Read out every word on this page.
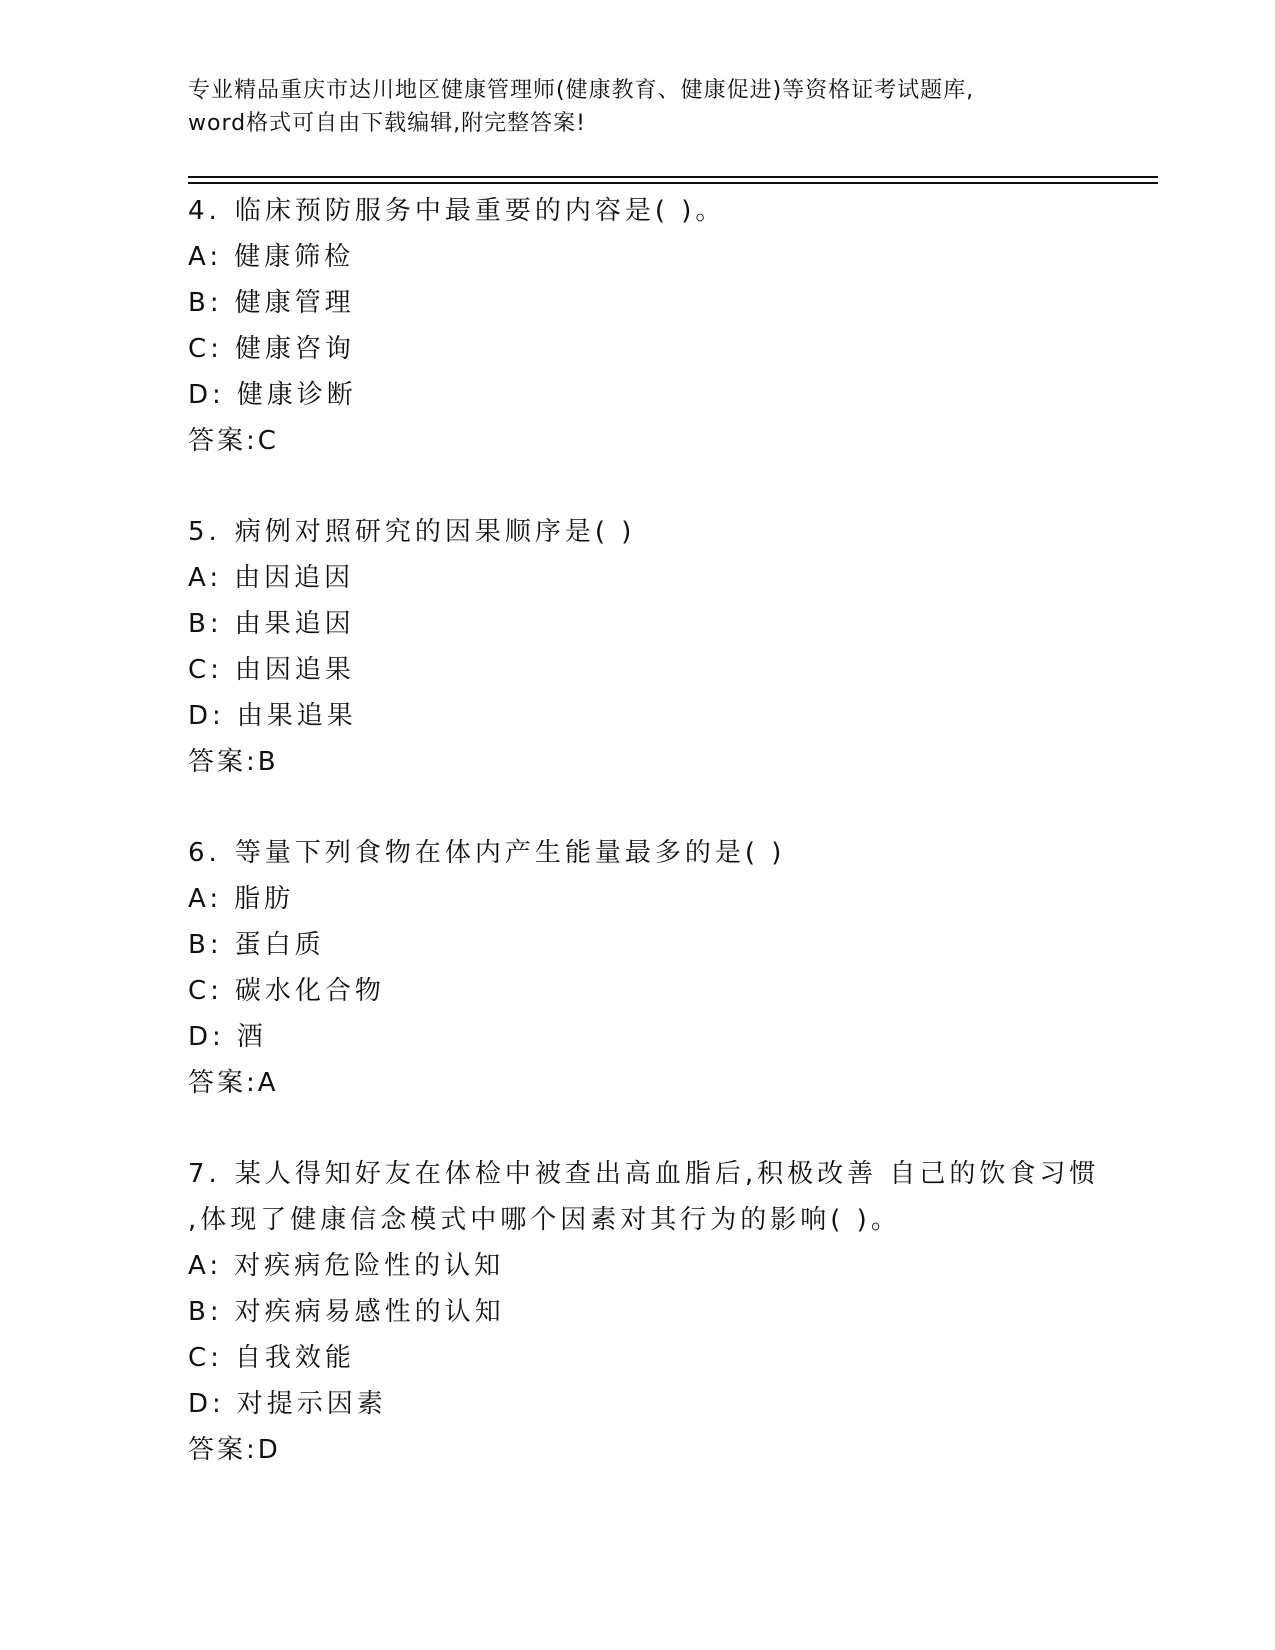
专业精品重庆市达川地区健康管理师(健康教育、健康促进)等资格证考试题库,
word格式可自由下载编辑,附完整答案!
4. 临床预防服务中最重要的内容是( )。
A: 健康筛检
B: 健康管理
C: 健康咨询
D: 健康诊断
答案:C
5. 病例对照研究的因果顺序是( )
A: 由因追因
B: 由果追因
C: 由因追果
D: 由果追果
答案:B
6. 等量下列食物在体内产生能量最多的是( )
A: 脂肪
B: 蛋白质
C: 碳水化合物
D: 酒
答案:A
7. 某人得知好友在体检中被查出高血脂后,积极改善 自己的饮食习惯
,体现了健康信念模式中哪个因素对其行为的影响( )。
A: 对疾病危险性的认知
B: 对疾病易感性的认知
C: 自我效能
D: 对提示因素
答案:D
